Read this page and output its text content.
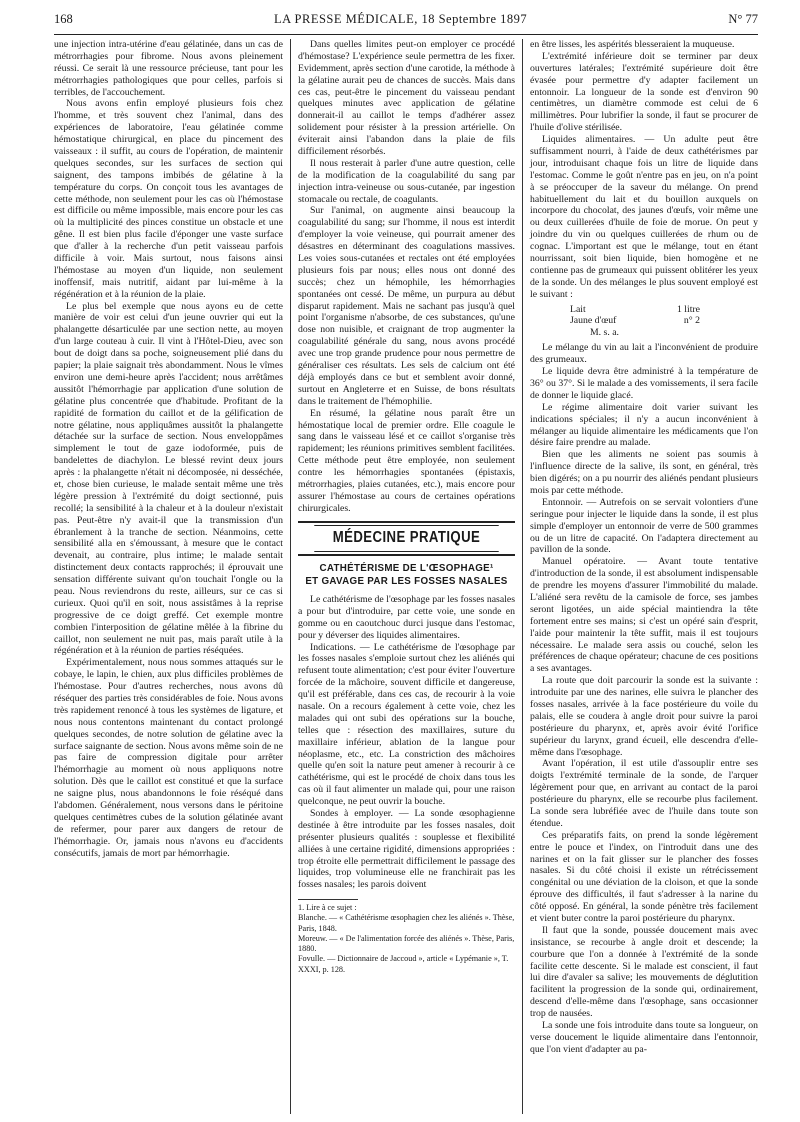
168	LA PRESSE MÉDICALE, 18 Septembre 1897	N° 77

une injection intra-utérine d'eau gélatinée, dans un cas de métrorrhagies pour fibrome. Nous avons pleinement réussi. Ce serait là une ressource précieuse, tant pour les métrorrhagies pathologiques que pour celles, parfois si terribles, de l'accouchement.

Nous avons enfin employé plusieurs fois chez l'homme, et très souvent chez l'animal, dans des expériences de laboratoire, l'eau gélatinée comme hémostatique chirurgical, en place du pincement des vaisseaux : il suffit, au cours de l'opération, de maintenir quelques secondes, sur les surfaces de section qui saignent, des tampons imbibés de gélatine à la température du corps. On conçoit tous les avantages de cette méthode, non seulement pour les cas où l'hémostase est difficile ou même impossible, mais encore pour les cas où la multiplicité des pinces constitue un obstacle et une gêne. Il est bien plus facile d'éponger une vaste surface que d'aller à la recherche d'un petit vaisseau parfois difficile à voir. Mais surtout, nous faisons ainsi l'hémostase au moyen d'un liquide, non seulement inoffensif, mais nutritif, aidant par lui-même à la régénération et à la réunion de la plaie.

Le plus bel exemple que nous ayons eu de cette manière de voir est celui d'un jeune ouvrier qui eut la phalangette désarticulée par une section nette, au moyen d'un large couteau à cuir. Il vint à l'Hôtel-Dieu, avec son bout de doigt dans sa poche, soigneusement plié dans du papier; la plaie saignait très abondamment. Nous le vîmes environ une demi-heure après l'accident; nous arrêtâmes aussitôt l'hémorrhagie par application d'une solution de gélatine plus concentrée que d'habitude. Profitant de la rapidité de formation du caillot et de la gélification de notre gélatine, nous appliquâmes aussitôt la phalangette détachée sur la surface de section. Nous enveloppâmes simplement le tout de gaze iodoformée, puis de bandelettes de diachylon. Le blessé revint deux jours après : la phalangette n'était ni décomposée, ni desséchée, et, chose bien curieuse, le malade sentait même une très légère pression à l'extrémité du doigt sectionné, puis recollé; la sensibilité à la chaleur et à la douleur n'existait pas. Peut-être n'y avait-il que la transmission d'un ébranlement à la tranche de section. Néanmoins, cette sensibilité alla en s'émoussant, à mesure que le contact devenait, au contraire, plus intime; le malade sentait distinctement deux contacts rapprochés; il éprouvait une sensation différente suivant qu'on touchait l'ongle ou la peau. Nous reviendrons du reste, ailleurs, sur ce cas si curieux. Quoi qu'il en soit, nous assistâmes à la reprise progressive de ce doigt greffé. Cet exemple montre combien l'interposition de gélatine mêlée à la fibrine du caillot, non seulement ne nuit pas, mais paraît utile à la régénération et à la réunion de parties réséquées.

Expérimentalement, nous nous sommes attaqués sur le cobaye, le lapin, le chien, aux plus difficiles problèmes de l'hémostase. Pour d'autres recherches, nous avons dû réséquer des parties très considérables de foie. Nous avons très rapidement renoncé à tous les systèmes de ligature, et nous nous contentons maintenant du contact prolongé quelques secondes, de notre solution de gélatine avec la surface saignante de section. Nous avons même soin de ne pas faire de compression digitale pour arrêter l'hémorrhagie au moment où nous appliquons notre solution. Dès que le caillot est constitué et que la surface ne saigne plus, nous abandonnons le foie réséqué dans l'abdomen. Généralement, nous versons dans le péritoine quelques centimètres cubes de la solution gélatinée avant de refermer, pour parer aux dangers de retour de l'hémorrhagie. Or, jamais nous n'avons eu d'accidents consécutifs, jamais de mort par hémorrhagie.

Dans quelles limites peut-on employer ce procédé d'hémostase? L'expérience seule permettra de les fixer. Evidemment, après section d'une carotide, la méthode à la gélatine aurait peu de chances de succès. Mais dans ces cas, peut-être le pincement du vaisseau pendant quelques minutes avec application de gélatine donnerait-il au caillot le temps d'adhérer assez solidement pour résister à la pression artérielle. On éviterait ainsi l'abandon dans la plaie de fils difficilement résorbés.

Il nous resterait à parler d'une autre question, celle de la modification de la coagulabilité du sang par injection intra-veineuse ou sous-cutanée, par ingestion stomacale ou rectale, de coagulants.

Sur l'animal, on augmente ainsi beaucoup la coagulabilité du sang; sur l'homme, il nous est interdit d'employer la voie veineuse, qui pourrait amener des désastres en déterminant des coagulations massives. Les voies sous-cutanées et rectales ont été employées plusieurs fois par nous; elles nous ont donné des succès; chez un hémophile, les hémorrhagies spontanées ont cessé. De même, un purpura au début disparut rapidement. Mais ne sachant pas jusqu'à quel point l'organisme n'absorbe, de ces substances, qu'une dose non nuisible, et craignant de trop augmenter la coagulabilité générale du sang, nous avons procédé avec une trop grande prudence pour nous permettre de généraliser ces résultats. Les sels de calcium ont été déjà employés dans ce but et semblent avoir donné, surtout en Angleterre et en Suisse, de bons résultats dans le traitement de l'hémophilie.

En résumé, la gélatine nous paraît être un hémostatique local de premier ordre. Elle coagule le sang dans le vaisseau lésé et ce caillot s'organise très rapidement; les réunions primitives semblent facilitées. Cette méthode peut être employée, non seulement contre les hémorrhagies spontanées (épistaxis, métrorrhagies, plaies cutanées, etc.), mais encore pour assurer l'hémostase au cours de certaines opérations chirurgicales.

MÉDECINE PRATIQUE
CATHÉTÉRISME DE L'ŒSOPHAGE¹
ET GAVAGE PAR LES FOSSES NASALES

Le cathétérisme de l'œsophage par les fosses nasales a pour but d'introduire, par cette voie, une sonde en gomme ou en caoutchouc durci jusque dans l'estomac, pour y déverser des liquides alimentaires.

Indications. — Le cathétérisme de l'œsophage par les fosses nasales s'emploie surtout chez les aliénés qui refusent toute alimentation; c'est pour éviter l'ouverture forcée de la mâchoire, souvent difficile et dangereuse, qu'il est préférable, dans ces cas, de recourir à la voie nasale. On a recours également à cette voie, chez les malades qui ont subi des opérations sur la bouche, telles que : résection des maxillaires, suture du maxillaire inférieur, ablation de la langue pour néoplasme, etc., etc. La constriction des mâchoires quelle qu'en soit la nature peut amener à recourir à ce cathétérisme, qui est le procédé de choix dans tous les cas où il faut alimenter un malade qui, pour une raison quelconque, ne peut ouvrir la bouche.

Sondes à employer. — La sonde œsophagienne destinée à être introduite par les fosses nasales, doit présenter plusieurs qualités : souplesse et flexibilité alliées à une certaine rigidité, dimensions appropriées : trop étroite elle permettrait difficilement le passage des liquides, trop volumineuse elle ne franchirait pas les fosses nasales; les parois doivent

1. Lire à ce sujet :
Blanche. — « Cathétérisme œsophagien chez les aliénés ». Thèse, Paris, 1848.
Moreuw. — « De l'alimentation forcée des aliénés ». Thèse, Paris, 1880.
Fovulle. — Dictionnaire de Jaccoud », article « Lypémanie », T. XXXI, p. 128.

en être lisses, les aspérités blesseraient la muqueuse.

L'extrémité inférieure doit se terminer par deux ouvertures latérales; l'extrémité supérieure doit être évasée pour permettre d'y adapter facilement un entonnoir. La longueur de la sonde est d'environ 90 centimètres, un diamètre commode est celui de 6 millimètres. Pour lubrifier la sonde, il faut se procurer de l'huile d'olive stérilisée.

Liquides alimentaires. — Un adulte peut être suffisamment nourri, à l'aide de deux cathétérismes par jour, introduisant chaque fois un litre de liquide dans l'estomac. Comme le goût n'entre pas en jeu, on n'a point à se préoccuper de la saveur du mélange. On prend habituellement du lait et du bouillon auxquels on incorpore du chocolat, des jaunes d'œufs, voir même une ou deux cuillerées d'huile de foie de morue. On peut y joindre du vin ou quelques cuillerées de rhum ou de cognac. L'important est que le mélange, tout en étant nourrissant, soit bien liquide, bien homogène et ne contienne pas de grumeaux qui puissent oblitérer les yeux de la sonde. Un des mélanges le plus souvent employé est le suivant :

Lait	1 litre
Jaune d'œuf	n° 2
M. s. a.

Le mélange du vin au lait a l'inconvénient de produire des grumeaux.

Le liquide devra être administré à la température de 36° ou 37°. Si le malade a des vomissements, il sera facile de donner le liquide glacé.

Le régime alimentaire doit varier suivant les indications spéciales; il n'y a aucun inconvénient à mélanger au liquide alimentaire les médicaments que l'on désire faire prendre au malade.

Bien que les aliments ne soient pas soumis à l'influence directe de la salive, ils sont, en général, très bien digérés; on a pu nourrir des aliénés pendant plusieurs mois par cette méthode.

Entonnoir. — Autrefois on se servait volontiers d'une seringue pour injecter le liquide dans la sonde, il est plus simple d'employer un entonnoir de verre de 500 grammes ou de un litre de capacité. On l'adaptera directement au pavillon de la sonde.

Manuel opératoire. — Avant toute tentative d'introduction de la sonde, il est absolument indispensable de prendre les moyens d'assurer l'immobilité du malade. L'aliéné sera revêtu de la camisole de force, ses jambes seront ligotées, un aide spécial maintiendra la tête fortement entre ses mains; si c'est un opéré sain d'esprit, l'aide pour maintenir la tête suffit, mais il est toujours nécessaire. Le malade sera assis ou couché, selon les préférences de chaque opérateur; chacune de ces positions a ses avantages.

La route que doit parcourir la sonde est la suivante : introduite par une des narines, elle suivra le plancher des fosses nasales, arrivée à la face postérieure du voile du palais, elle se coudera à angle droit pour suivre la paroi postérieure du pharynx, et, après avoir évité l'orifice supérieur du larynx, grand écueil, elle descendra d'elle-même dans l'œsophage.

Avant l'opération, il est utile d'assouplir entre ses doigts l'extrémité terminale de la sonde, de l'arquer légèrement pour que, en arrivant au contact de la paroi postérieure du pharynx, elle se recourbe plus facilement. La sonde sera lubréfiée avec de l'huile dans toute son étendue.

Ces préparatifs faits, on prend la sonde légèrement entre le pouce et l'index, on l'introduit dans une des narines et on la fait glisser sur le plancher des fosses nasales. Si du côté choisi il existe un rétrécissement congénital ou une déviation de la cloison, et que la sonde éprouve des difficultés, il faut s'adresser à la narine du côté opposé. En général, la sonde pénètre très facilement et vient buter contre la paroi postérieure du pharynx.

Il faut que la sonde, poussée doucement mais avec insistance, se recourbe à angle droit et descende; la courbure que l'on a donnée à l'extrémité de la sonde facilite cette descente. Si le malade est conscient, il faut lui dire d'avaler sa salive; les mouvements de déglutition facilitent la progression de la sonde qui, ordinairement, descend d'elle-même dans l'œsophage, sans occasionner trop de nausées.

La sonde une fois introduite dans toute sa longueur, on verse doucement le liquide alimentaire dans l'entonnoir, que l'on vient d'adapter au pa-
